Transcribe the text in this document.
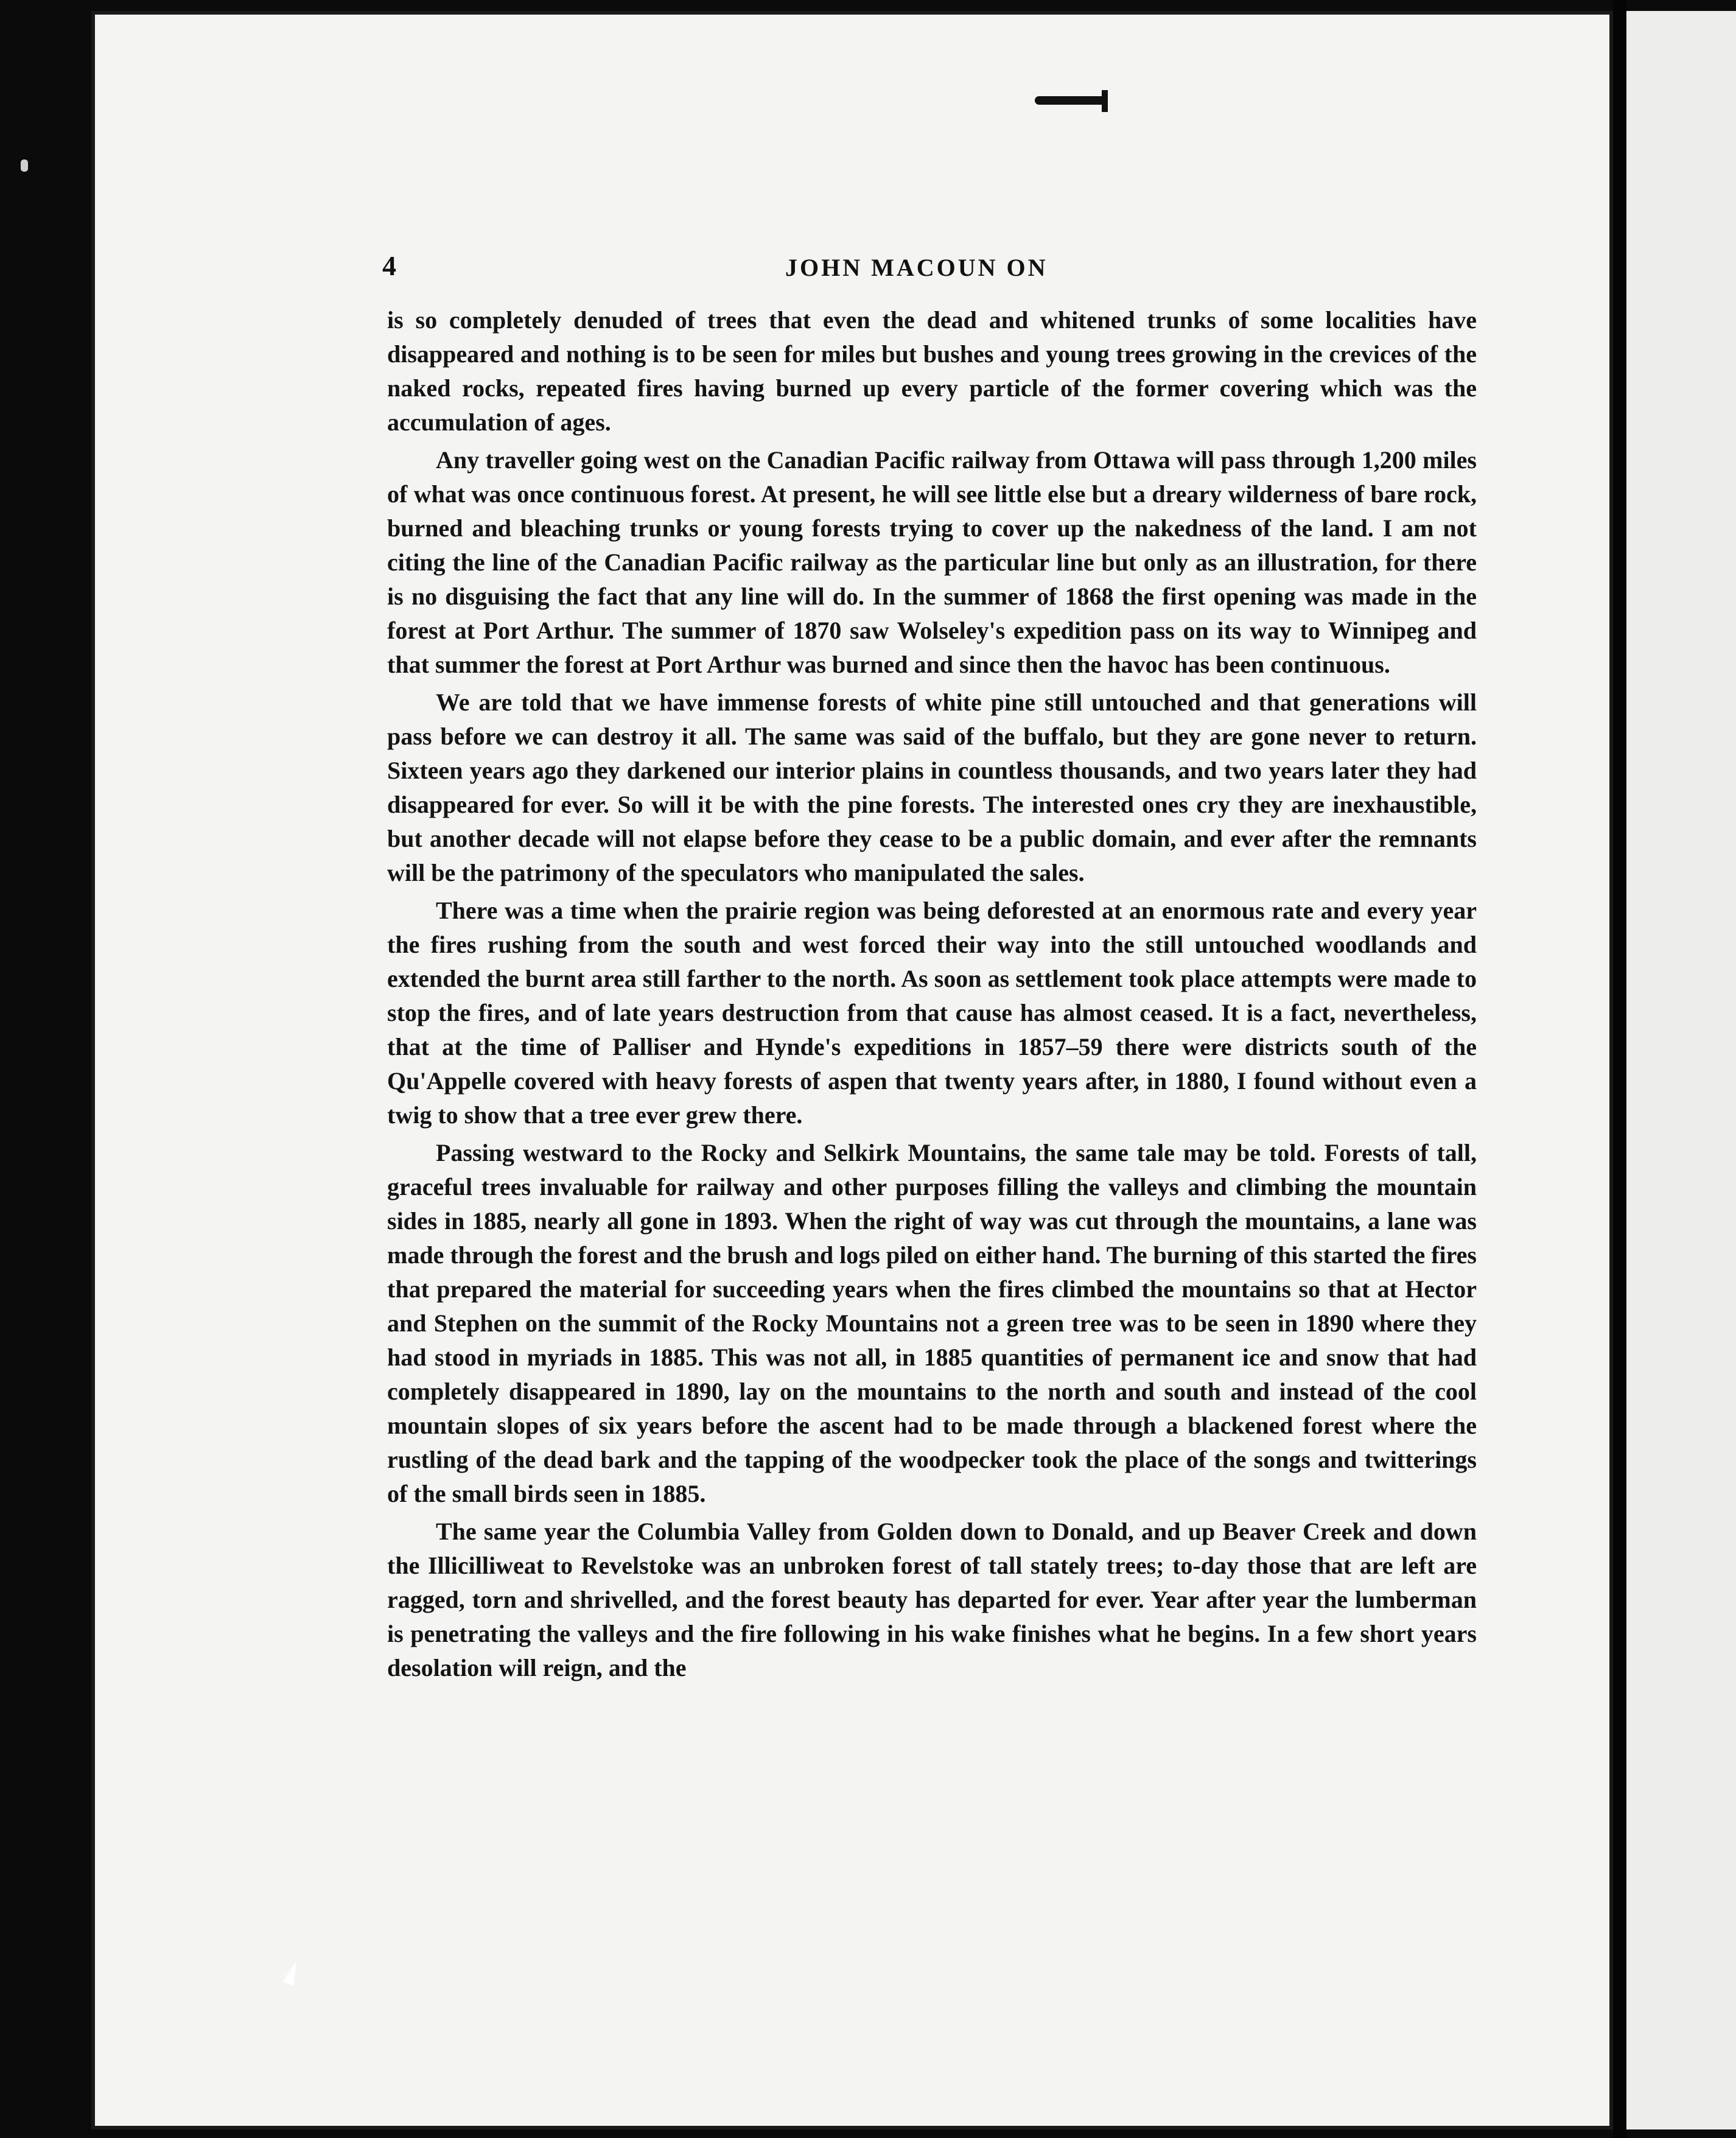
4	JOHN MACOUN ON

is so completely denuded of trees that even the dead and whitened trunks of some localities have disappeared and nothing is to be seen for miles but bushes and young trees growing in the crevices of the naked rocks, repeated fires having burned up every particle of the former covering which was the accumulation of ages.

Any traveller going west on the Canadian Pacific railway from Ottawa will pass through 1,200 miles of what was once continuous forest. At present, he will see little else but a dreary wilderness of bare rock, burned and bleaching trunks or young forests trying to cover up the nakedness of the land. I am not citing the line of the Canadian Pacific railway as the particular line but only as an illustration, for there is no disguising the fact that any line will do. In the summer of 1868 the first opening was made in the forest at Port Arthur. The summer of 1870 saw Wolseley's expedition pass on its way to Winnipeg and that summer the forest at Port Arthur was burned and since then the havoc has been continuous.

We are told that we have immense forests of white pine still untouched and that generations will pass before we can destroy it all. The same was said of the buffalo, but they are gone never to return. Sixteen years ago they darkened our interior plains in countless thousands, and two years later they had disappeared for ever. So will it be with the pine forests. The interested ones cry they are inexhaustible, but another decade will not elapse before they cease to be a public domain, and ever after the remnants will be the patrimony of the speculators who manipulated the sales.

There was a time when the prairie region was being deforested at an enormous rate and every year the fires rushing from the south and west forced their way into the still untouched woodlands and extended the burnt area still farther to the north. As soon as settlement took place attempts were made to stop the fires, and of late years destruction from that cause has almost ceased. It is a fact, nevertheless, that at the time of Palliser and Hynde's expeditions in 1857–59 there were districts south of the Qu'Appelle covered with heavy forests of aspen that twenty years after, in 1880, I found without even a twig to show that a tree ever grew there.

Passing westward to the Rocky and Selkirk Mountains, the same tale may be told. Forests of tall, graceful trees invaluable for railway and other purposes filling the valleys and climbing the mountain sides in 1885, nearly all gone in 1893. When the right of way was cut through the mountains, a lane was made through the forest and the brush and logs piled on either hand. The burning of this started the fires that prepared the material for succeeding years when the fires climbed the mountains so that at Hector and Stephen on the summit of the Rocky Mountains not a green tree was to be seen in 1890 where they had stood in myriads in 1885. This was not all, in 1885 quantities of permanent ice and snow that had completely disappeared in 1890, lay on the mountains to the north and south and instead of the cool mountain slopes of six years before the ascent had to be made through a blackened forest where the rustling of the dead bark and the tapping of the woodpecker took the place of the songs and twitterings of the small birds seen in 1885.

The same year the Columbia Valley from Golden down to Donald, and up Beaver Creek and down the Illicilliweat to Revelstoke was an unbroken forest of tall stately trees; to-day those that are left are ragged, torn and shrivelled, and the forest beauty has departed for ever. Year after year the lumberman is penetrating the valleys and the fire following in his wake finishes what he begins. In a few short years desolation will reign, and the
